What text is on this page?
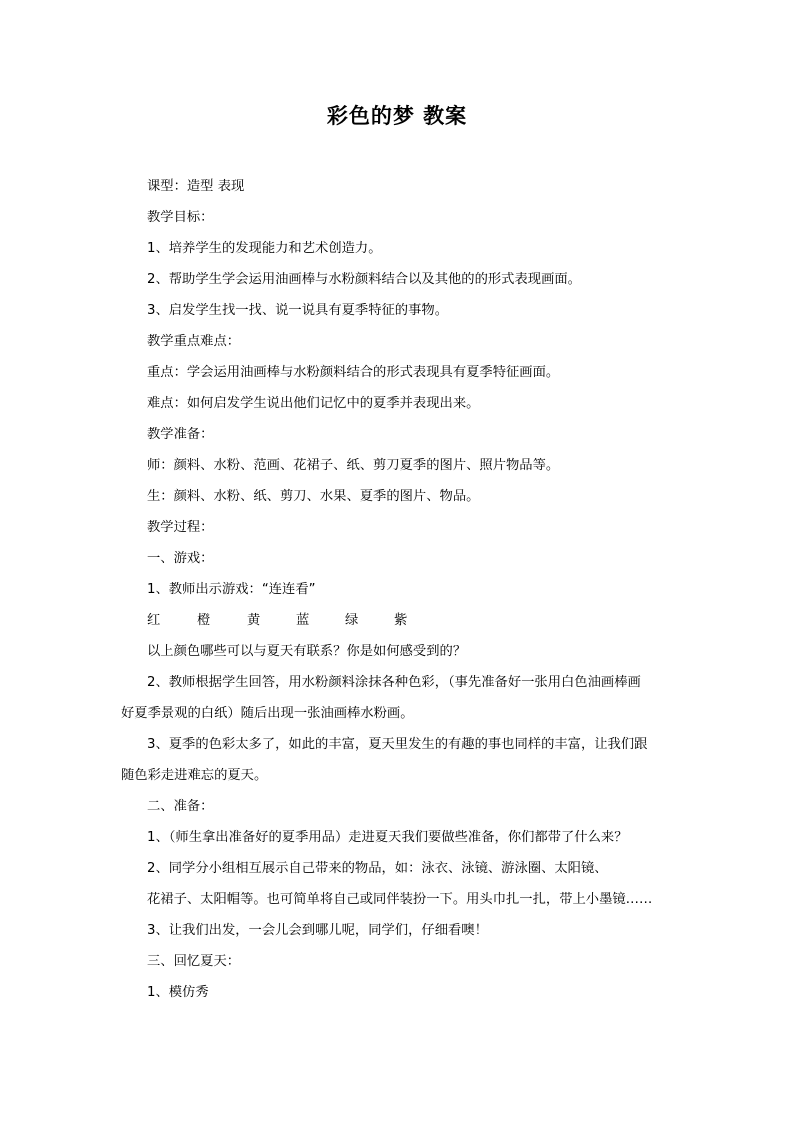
彩色的梦 教案
课型：造型 表现
教学目标：
1、培养学生的发现能力和艺术创造力。
2、帮助学生学会运用油画棒与水粉颜料结合以及其他的的形式表现画面。
3、启发学生找一找、说一说具有夏季特征的事物。
教学重点难点：
重点：学会运用油画棒与水粉颜料结合的形式表现具有夏季特征画面。
难点：如何启发学生说出他们记忆中的夏季并表现出来。
教学准备：
师：颜料、水粉、范画、花裙子、纸、剪刀夏季的图片、照片物品等。
生：颜料、水粉、纸、剪刀、水果、夏季的图片、物品。
教学过程：
一、游戏：
1、教师出示游戏：“连连看”
红	橙	黄	蓝	绿	紫
以上颜色哪些可以与夏天有联系？你是如何感受到的？
2、教师根据学生回答，用水粉颜料涂抹各种色彩，（事先准备好一张用白色油画棒画
好夏季景观的白纸）随后出现一张油画棒水粉画。
3、夏季的色彩太多了，如此的丰富，夏天里发生的有趣的事也同样的丰富，让我们跟
随色彩走进难忘的夏天。
二、准备：
1、（师生拿出准备好的夏季用品）走进夏天我们要做些准备，你们都带了什么来？
2、同学分小组相互展示自己带来的物品，如：泳衣、泳镜、游泳圈、太阳镜、
花裙子、太阳帽等。也可简单将自己或同伴装扮一下。用头巾扎一扎，带上小墨镜……
3、让我们出发，一会儿会到哪儿呢，同学们，仔细看噢！
三、回忆夏天：
1、模仿秀
